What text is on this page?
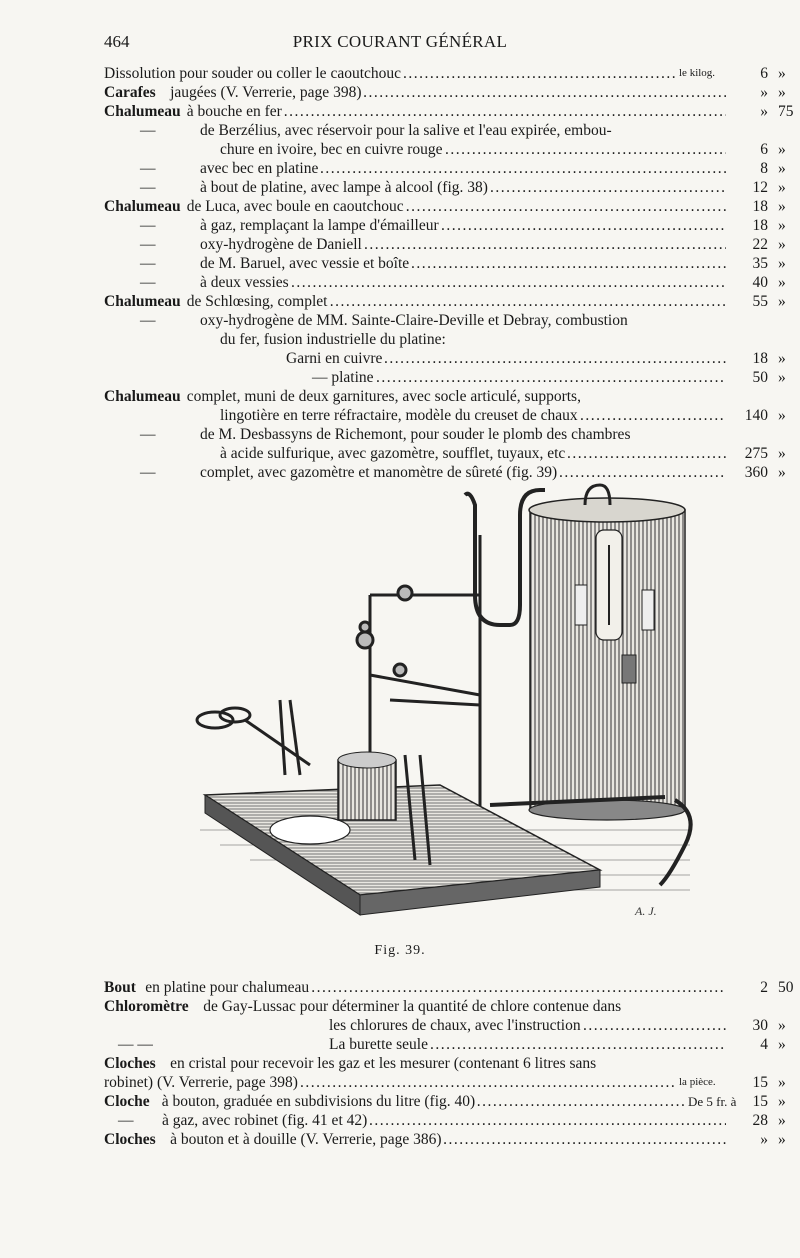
464	PRIX COURANT GÉNÉRAL
Dissolution pour souder ou coller le caoutchouc .....	le kilog.	6 »
Carafes jaugées (V. Verrerie, page 398) .....	» »
Chalumeau à bouche en fer .....	» 75
—	de Berzélius, avec réservoir pour la salive et l'eau expirée, embou-
chure en ivoire, bec en cuivre rouge .....	6 »
—	avec bec en platine .....	8 »
—	à bout de platine, avec lampe à alcool (fig. 38) .....	12 »
Chalumeau de Luca, avec boule en caoutchouc .....	18 »
—	à gaz, remplaçant la lampe d'émailleur .....	18 »
—	oxy-hydrogène de Daniell .....	22 »
—	de M. Baruel, avec vessie et boîte .....	35 »
—	à deux vessies .....	40 »
Chalumeau de Schlœsing, complet .....	55 »
—	oxy-hydrogène de MM. Sainte-Claire-Deville et Debray, combustion
du fer, fusion industrielle du platine:
Garni en cuivre .....	18 »
— platine .....	50 »
Chalumeau complet, muni de deux garnitures, avec socle articulé, supports,
lingotière en terre réfractaire, modèle du creuset de chaux .....	140 »
—	de M. Desbassyns de Richemont, pour souder le plomb des chambres
à acide sulfurique, avec gazomètre, soufflet, tuyaux, etc .....	275 »
—	complet, avec gazomètre et manomètre de sûreté (fig. 39) .....	360 »
A. J.
Fig. 39.
Bout en platine pour chalumeau .....	2 50
Chloromètre de Gay-Lussac pour déterminer la quantité de chlore contenue dans
les chlorures de chaux, avec l'instruction .....	30 »
— —	La burette seule .....	4 »
Cloches en cristal pour recevoir les gaz et les mesurer (contenant 6 litres sans
robinet) (V. Verrerie, page 398) .....	la pièce.	15 »
Cloche à bouton, graduée en subdivisions du litre (fig. 40) .....	De 5 fr. à	15 »
— à gaz, avec robinet (fig. 41 et 42) .....	28 »
Cloches à bouton et à douille (V. Verrerie, page 386) .....	» »
